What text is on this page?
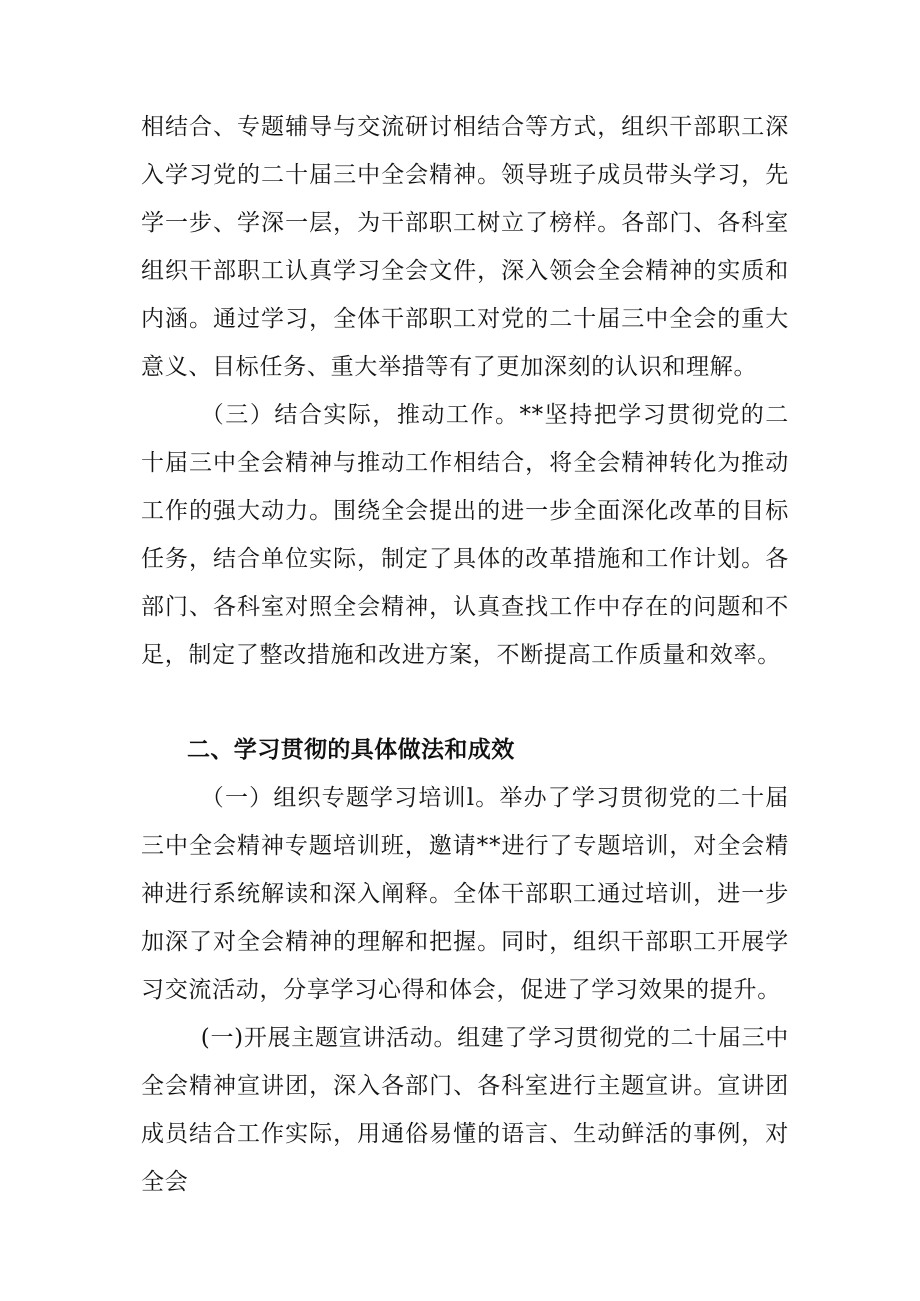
相结合、专题辅导与交流研讨相结合等方式，组织干部职工深入学习党的二十届三中全会精神。领导班子成员带头学习，先学一步、学深一层，为干部职工树立了榜样。各部门、各科室组织干部职工认真学习全会文件，深入领会全会精神的实质和内涵。通过学习，全体干部职工对党的二十届三中全会的重大意义、目标任务、重大举措等有了更加深刻的认识和理解。

（三）结合实际，推动工作。**坚持把学习贯彻党的二十届三中全会精神与推动工作相结合，将全会精神转化为推动工作的强大动力。围绕全会提出的进一步全面深化改革的目标任务，结合单位实际，制定了具体的改革措施和工作计划。各部门、各科室对照全会精神，认真查找工作中存在的问题和不足，制定了整改措施和改进方案，不断提高工作质量和效率。

二、学习贯彻的具体做法和成效

（一）组织专题学习培训l。举办了学习贯彻党的二十届三中全会精神专题培训班，邀请**进行了专题培训，对全会精神进行系统解读和深入阐释。全体干部职工通过培训，进一步加深了对全会精神的理解和把握。同时，组织干部职工开展学习交流活动，分享学习心得和体会，促进了学习效果的提升。

(一)开展主题宣讲活动。组建了学习贯彻党的二十届三中全会精神宣讲团，深入各部门、各科室进行主题宣讲。宣讲团成员结合工作实际，用通俗易懂的语言、生动鲜活的事例，对全会
